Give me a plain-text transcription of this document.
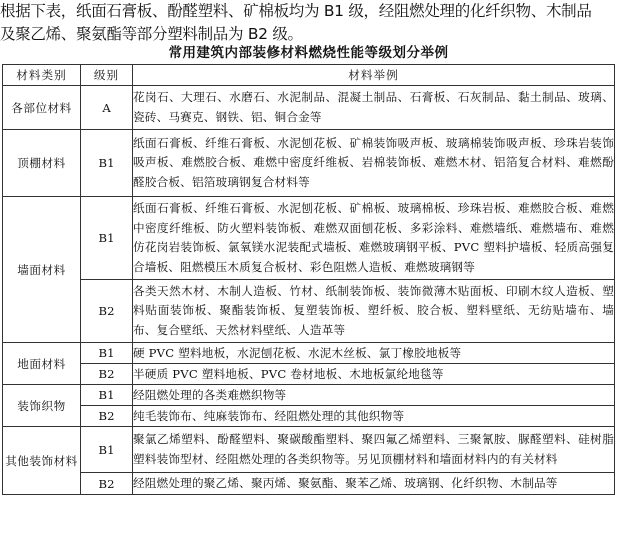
根据下表，纸面石膏板、酚醛塑料、矿棉板均为 B1 级，经阻燃处理的化纤织物、木制品
及聚乙烯、聚氨酯等部分塑料制品为 B2 级。
常用建筑内部装修材料燃烧性能等级划分举例
材料类别	级别	材料举例
各部位材料	A	花岗石、大理石、水磨石、水泥制品、混凝土制品、石膏板、石灰制品、黏土制品、玻璃、瓷砖、马赛克、钢铁、铝、铜合金等
顶棚材料	B1	纸面石膏板、纤维石膏板、水泥刨花板、矿棉装饰吸声板、玻璃棉装饰吸声板、珍珠岩装饰吸声板、难燃胶合板、难燃中密度纤维板、岩棉装饰板、难燃木材、铝箔复合材料、难燃酚醛胶合板、铝箔玻璃钢复合材料等
墙面材料	B1	纸面石膏板、纤维石膏板、水泥刨花板、矿棉板、玻璃棉板、珍珠岩板、难燃胶合板、难燃中密度纤维板、防火塑料装饰板、难燃双面刨花板、多彩涂料、难燃墙纸、难燃墙布、难燃仿花岗岩装饰板、氯氧镁水泥装配式墙板、难燃玻璃钢平板、PVC 塑料护墙板、轻质高强复合墙板、阻燃模压木质复合板材、彩色阻燃人造板、难燃玻璃钢等
	B2	各类天然木材、木制人造板、竹材、纸制装饰板、装饰微薄木贴面板、印刷木纹人造板、塑料贴面装饰板、聚酯装饰板、复塑装饰板、塑纤板、胶合板、塑料壁纸、无纺贴墙布、墙布、复合壁纸、天然材料壁纸、人造革等
地面材料	B1	硬 PVC 塑料地板，水泥刨花板、水泥木丝板、氯丁橡胶地板等
	B2	半硬质 PVC 塑料地板、PVC 卷材地板、木地板氯纶地毯等
装饰织物	B1	经阻燃处理的各类难燃织物等
	B2	纯毛装饰布、纯麻装饰布、经阻燃处理的其他织物等
其他装饰材料	B1	聚氯乙烯塑料、酚醛塑料、聚碳酸酯塑料、聚四氟乙烯塑料、三聚氰胺、脲醛塑料、硅树脂塑料装饰型材、经阻燃处理的各类织物等。另见顶棚材料和墙面材料内的有关材料
	B2	经阻燃处理的聚乙烯、聚丙烯、聚氨酯、聚苯乙烯、玻璃钢、化纤织物、木制品等
